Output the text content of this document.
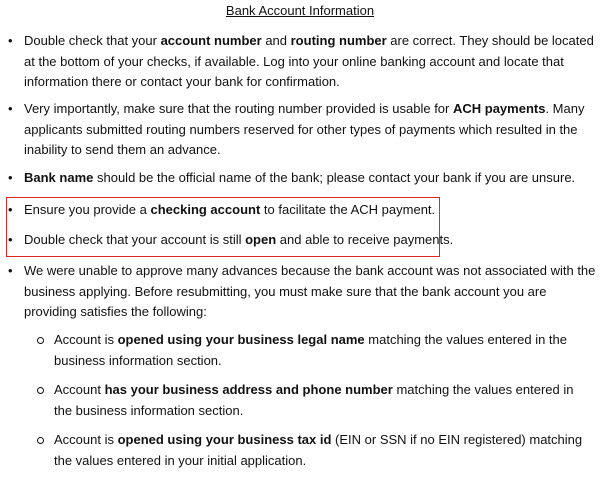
Bank Account Information
• Double check that your account number and routing number are correct. They should be located at the bottom of your checks, if available. Log into your online banking account and locate that information there or contact your bank for confirmation.
• Very importantly, make sure that the routing number provided is usable for ACH payments. Many applicants submitted routing numbers reserved for other types of payments which resulted in the inability to send them an advance.
• Bank name should be the official name of the bank; please contact your bank if you are unsure.
• Ensure you provide a checking account to facilitate the ACH payment.
• Double check that your account is still open and able to receive payments.
• We were unable to approve many advances because the bank account was not associated with the business applying. Before resubmitting, you must make sure that the bank account you are providing satisfies the following:
Account is opened using your business legal name matching the values entered in the business information section.
Account has your business address and phone number matching the values entered in the business information section.
Account is opened using your business tax id (EIN or SSN if no EIN registered) matching the values entered in your initial application.
